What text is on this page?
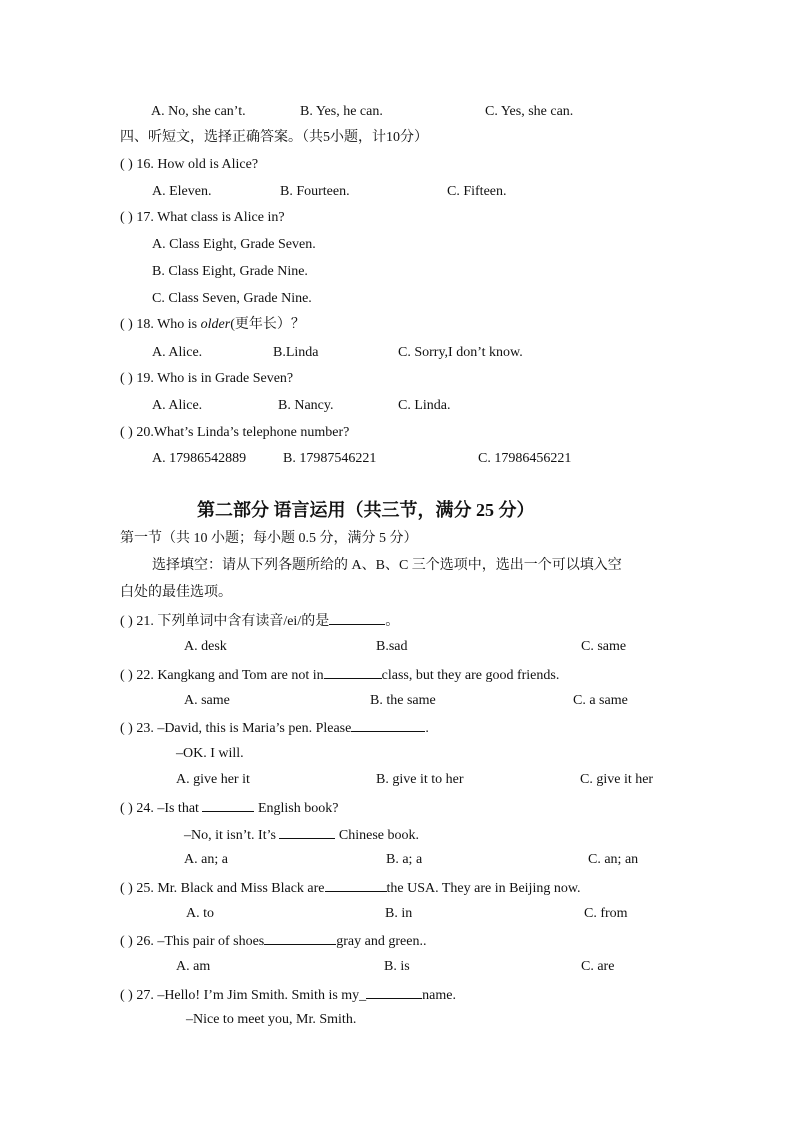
A. No, she can’t.	B. Yes, he can.	C. Yes, she can.
四、听短文，选择正确答案。（共5小题，计10分）
( ) 16. How old is Alice?
A. Eleven.	B. Fourteen.	C. Fifteen.
( ) 17. What class is Alice in?
A. Class Eight, Grade Seven.
B. Class Eight, Grade Nine.
C. Class Seven, Grade Nine.
( ) 18. Who is older(更年长）？
A. Alice.	B.Linda	C. Sorry,I don’t know.
( ) 19. Who is in Grade Seven?
A. Alice.	B. Nancy.	C. Linda.
( ) 20.What’s Linda’s telephone number?
A. 17986542889	B. 17987546221	C. 17986456221
第二部分 语言运用（共三节，满分 25 分）
第一节（共 10 小题；每小题 0.5 分，满分 5 分）
选择填空：请从下列各题所给的 A、B、C 三个选项中，选出一个可以填入空
白处的最佳选项。
( ) 21. 下列单词中含有读音/ei/的是	。
A. desk	B.sad	C. same
( ) 22. Kangkang and Tom are not in	class, but they are good friends.
A. same	B. the same	C. a same
( ) 23. –David, this is Maria’s pen. Please	.
–OK. I will.
A. give her it	B. give it to her	C. give it her
( ) 24. –Is that	English book?
–No, it isn’t. It’s	Chinese book.
A. an; a	B. a; a	C. an; an
( ) 25. Mr. Black and Miss Black are	the USA. They are in Beijing now.
A. to	B. in	C. from
( ) 26. –This pair of shoes	gray and green..
A. am	B. is	C. are
( ) 27. –Hello! I’m Jim Smith. Smith is my_	name.
–Nice to meet you, Mr. Smith.
